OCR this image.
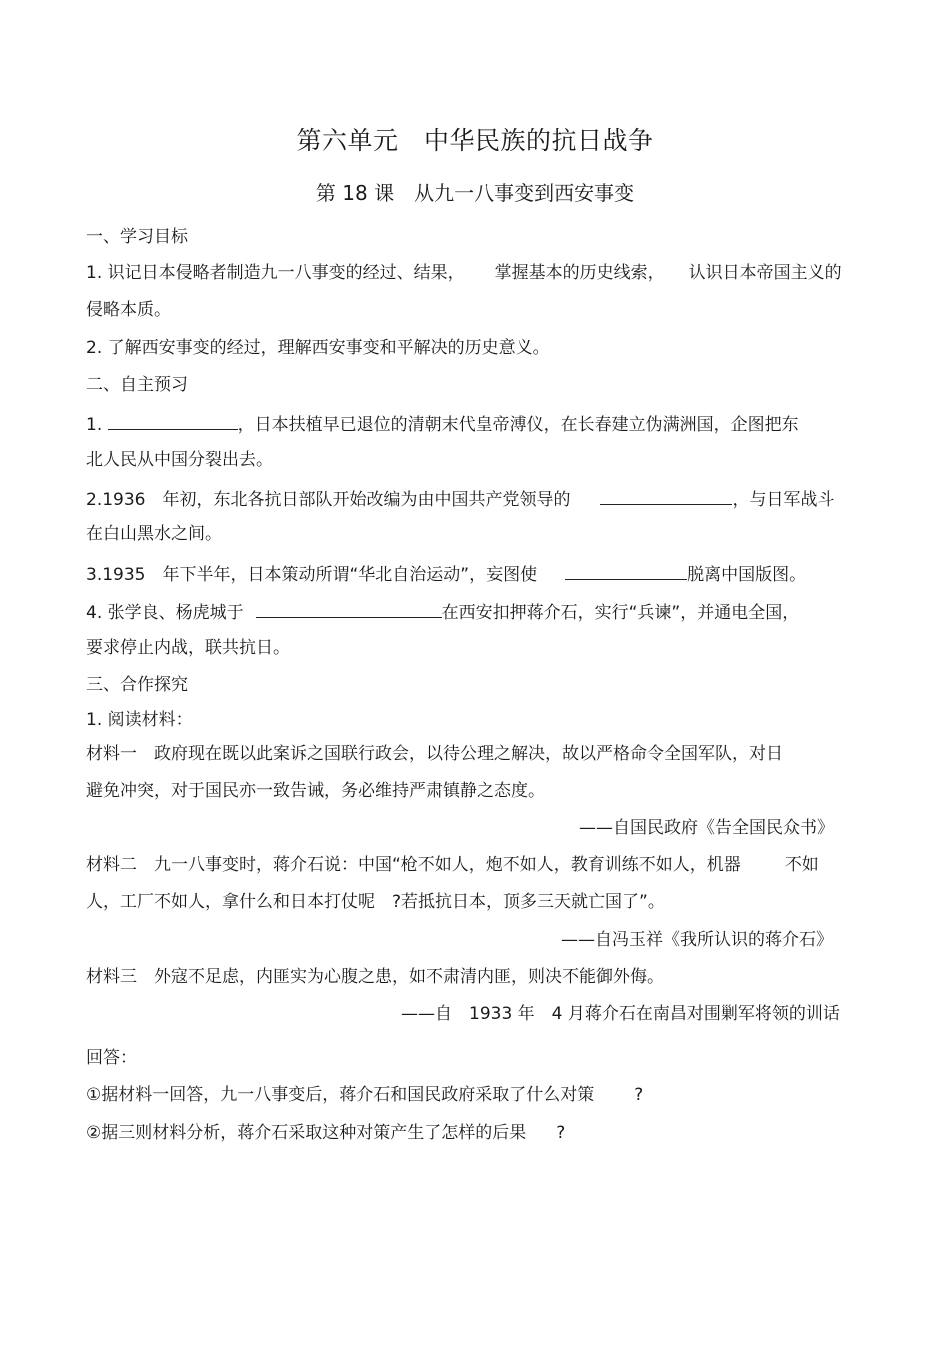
第六单元　中华民族的抗日战争
第 18 课　从九一八事变到西安事变
一、学习目标
1. 识记日本侵略者制造九一八事变的经过、结果， 掌握基本的历史线索， 认识日本帝国主义的
侵略本质。
2. 了解西安事变的经过，理解西安事变和平解决的历史意义。
二、自主预习
1.	，日本扶植早已退位的清朝末代皇帝溥仪，在长春建立伪满洲国，企图把东
北人民从中国分裂出去。
2.1936　年初，东北各抗日部队开始改编为由中国共产党领导的	，与日军战斗
在白山黑水之间。
3.1935　年下半年，日本策动所谓“华北自治运动”，妄图使	脱离中国版图。
4. 张学良、杨虎城于	在西安扣押蒋介石，实行“兵谏”，并通电全国，
要求停止内战，联共抗日。
三、合作探究
1. 阅读材料：
材料一　政府现在既以此案诉之国联行政会，以待公理之解决，故以严格命令全国军队，对日
避免冲突，对于国民亦一致告诫，务必维持严肃镇静之态度。
——自国民政府《告全国民众书》
材料二　九一八事变时，蒋介石说：中国“枪不如人，炮不如人，教育训练不如人，机器	不如
人，工厂不如人，拿什么和日本打仗呢　?若抵抗日本，顶多三天就亡国了”。
——自冯玉祥《我所认识的蒋介石》
材料三　外寇不足虑，内匪实为心腹之患，如不肃清内匪，则决不能御外侮。
——自　1933 年　4 月蒋介石在南昌对围剿军将领的训话
回答：
①据材料一回答，九一八事变后，蒋介石和国民政府采取了什么对策 ?
②据三则材料分析，蒋介石采取这种对策产生了怎样的后果 ?
